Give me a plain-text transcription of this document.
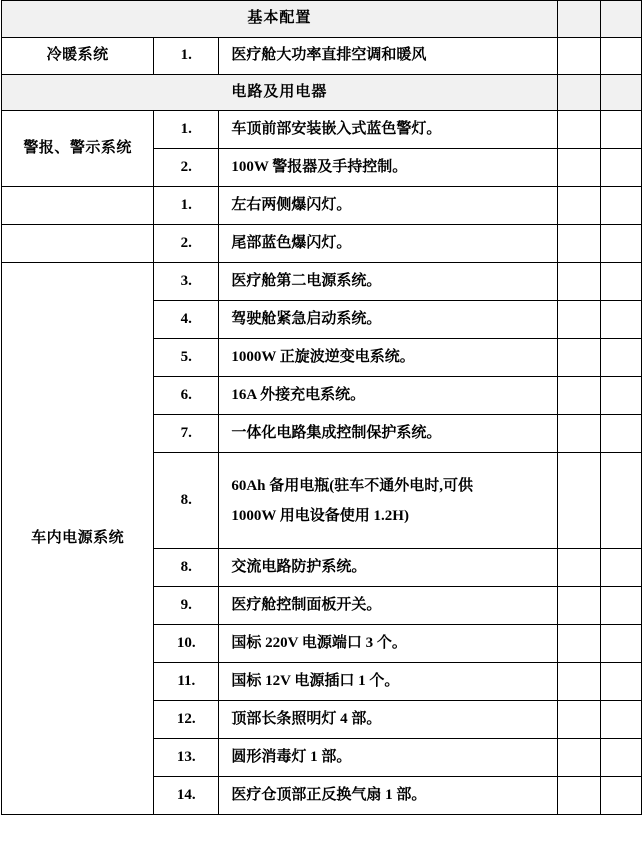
基本配置				

冷暖系统	1.	医疗舱大功率直排空调和暖风		

电路及用电器				

警报、警示系统	1.	车顶前部安装嵌入式蓝色警灯。		

	2.	100W 警报器及手持控制。		

	1.	左右两侧爆闪灯。		

	2.	尾部蓝色爆闪灯。		

车内电源系统	3.	医疗舱第二电源系统。		

	4.	驾驶舱紧急启动系统。		

	5.	1000W 正旋波逆变电系统。		

	6.	16A 外接充电系统。		

	7.	一体化电路集成控制保护系统。		

	8.	60Ah 备用电瓶(驻车不通外电时,可供
1000W 用电设备使用 1.2H)		

	8.	交流电路防护系统。		

	9.	医疗舱控制面板开关。		

	10.	国标 220V 电源端口 3 个。		

	11.	国标 12V 电源插口 1 个。		

	12.	顶部长条照明灯 4 部。		

	13.	圆形消毒灯 1 部。		

	14.	医疗仓顶部正反换气扇 1 部。		
